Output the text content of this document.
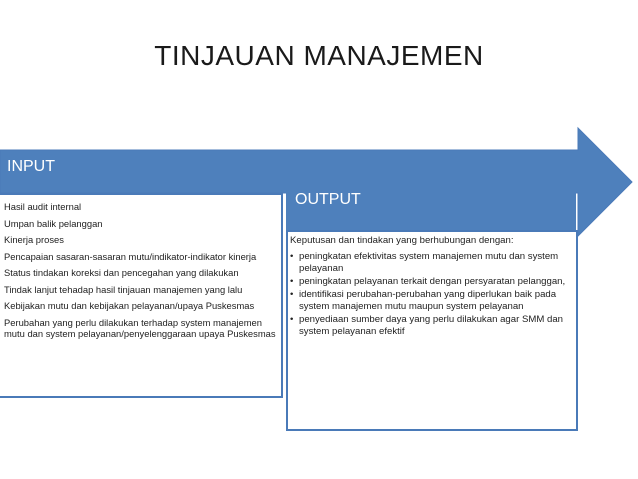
TINJAUAN MANAJEMEN
INPUT
Hasil audit internal
Umpan balik pelanggan
Kinerja proses
Pencapaian sasaran-sasaran mutu/indikator-indikator kinerja
Status tindakan koreksi dan pencegahan yang dilakukan
Tindak lanjut tehadap hasil tinjauan manajemen yang lalu
Kebijakan mutu dan kebijakan pelayanan/upaya Puskesmas
Perubahan yang perlu dilakukan terhadap system manajemen mutu dan system pelayanan/penyelenggaraan upaya Puskesmas
OUTPUT
Keputusan dan tindakan yang berhubungan dengan:
• peningkatan efektivitas system manajemen mutu dan system pelayanan
• peningkatan pelayanan terkait dengan persyaratan pelanggan,
• identifikasi perubahan-perubahan yang diperlukan baik pada system manajemen mutu maupun system pelayanan
• penyediaan sumber daya yang perlu dilakukan agar SMM dan system pelayanan efektif
